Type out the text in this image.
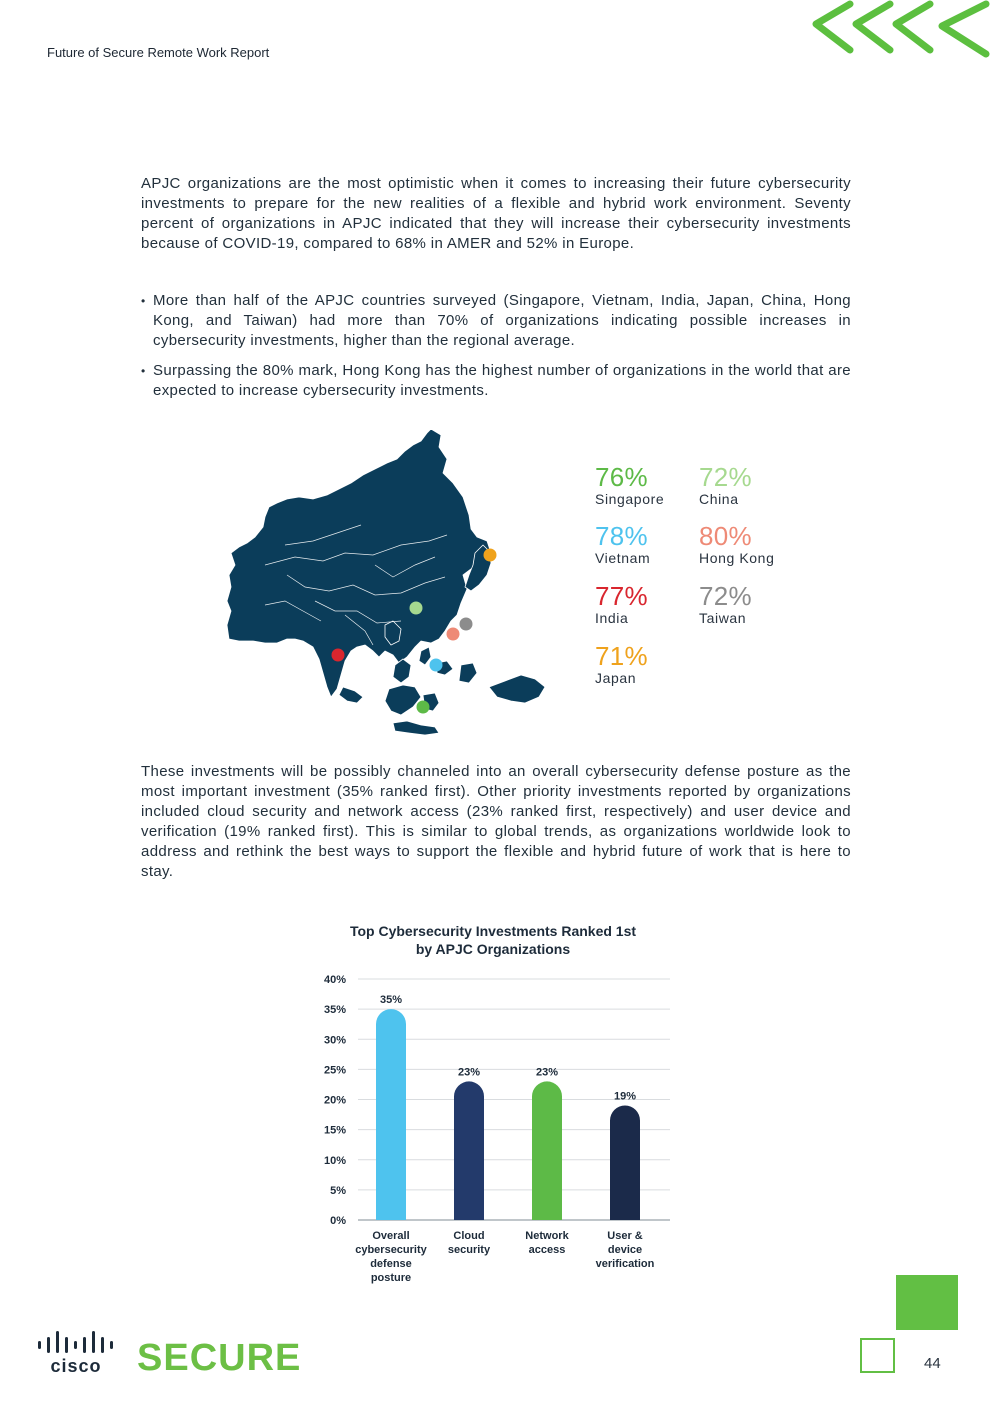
Future of Secure Remote Work Report

APJC organizations are the most optimistic when it comes to increasing their future cybersecurity investments to prepare for the new realities of a flexible and hybrid work environment. Seventy percent of organizations in APJC indicated that they will increase their cybersecurity investments because of COVID-19, compared to 68% in AMER and 52% in Europe.

• More than half of the APJC countries surveyed (Singapore, Vietnam, India, Japan, China, Hong Kong, and Taiwan) had more than 70% of organizations indicating possible increases in cybersecurity investments, higher than the regional average.
• Surpassing the 80% mark, Hong Kong has the highest number of organizations in the world that are expected to increase cybersecurity investments.
76%
Singapore
72%
China
78%
Vietnam
80%
Hong Kong
77%
India
72%
Taiwan
71%
Japan

These investments will be possibly channeled into an overall cybersecurity defense posture as the most important investment (35% ranked first). Other priority investments reported by organizations included cloud security and network access (23% ranked first, respectively) and user device and verification (19% ranked first). This is similar to global trends, as organizations worldwide look to address and rethink the best ways to support the flexible and hybrid future of work that is here to stay.

Top Cybersecurity Investments Ranked 1st
by APJC Organizations
0%
5%
10%
15%
20%
25%
30%
35%
40%
35%
Overall
cybersecurity
defense
posture
23%
Cloud
security
23%
Network
access
19%
User &
device
verification
cisco SECURE	44
